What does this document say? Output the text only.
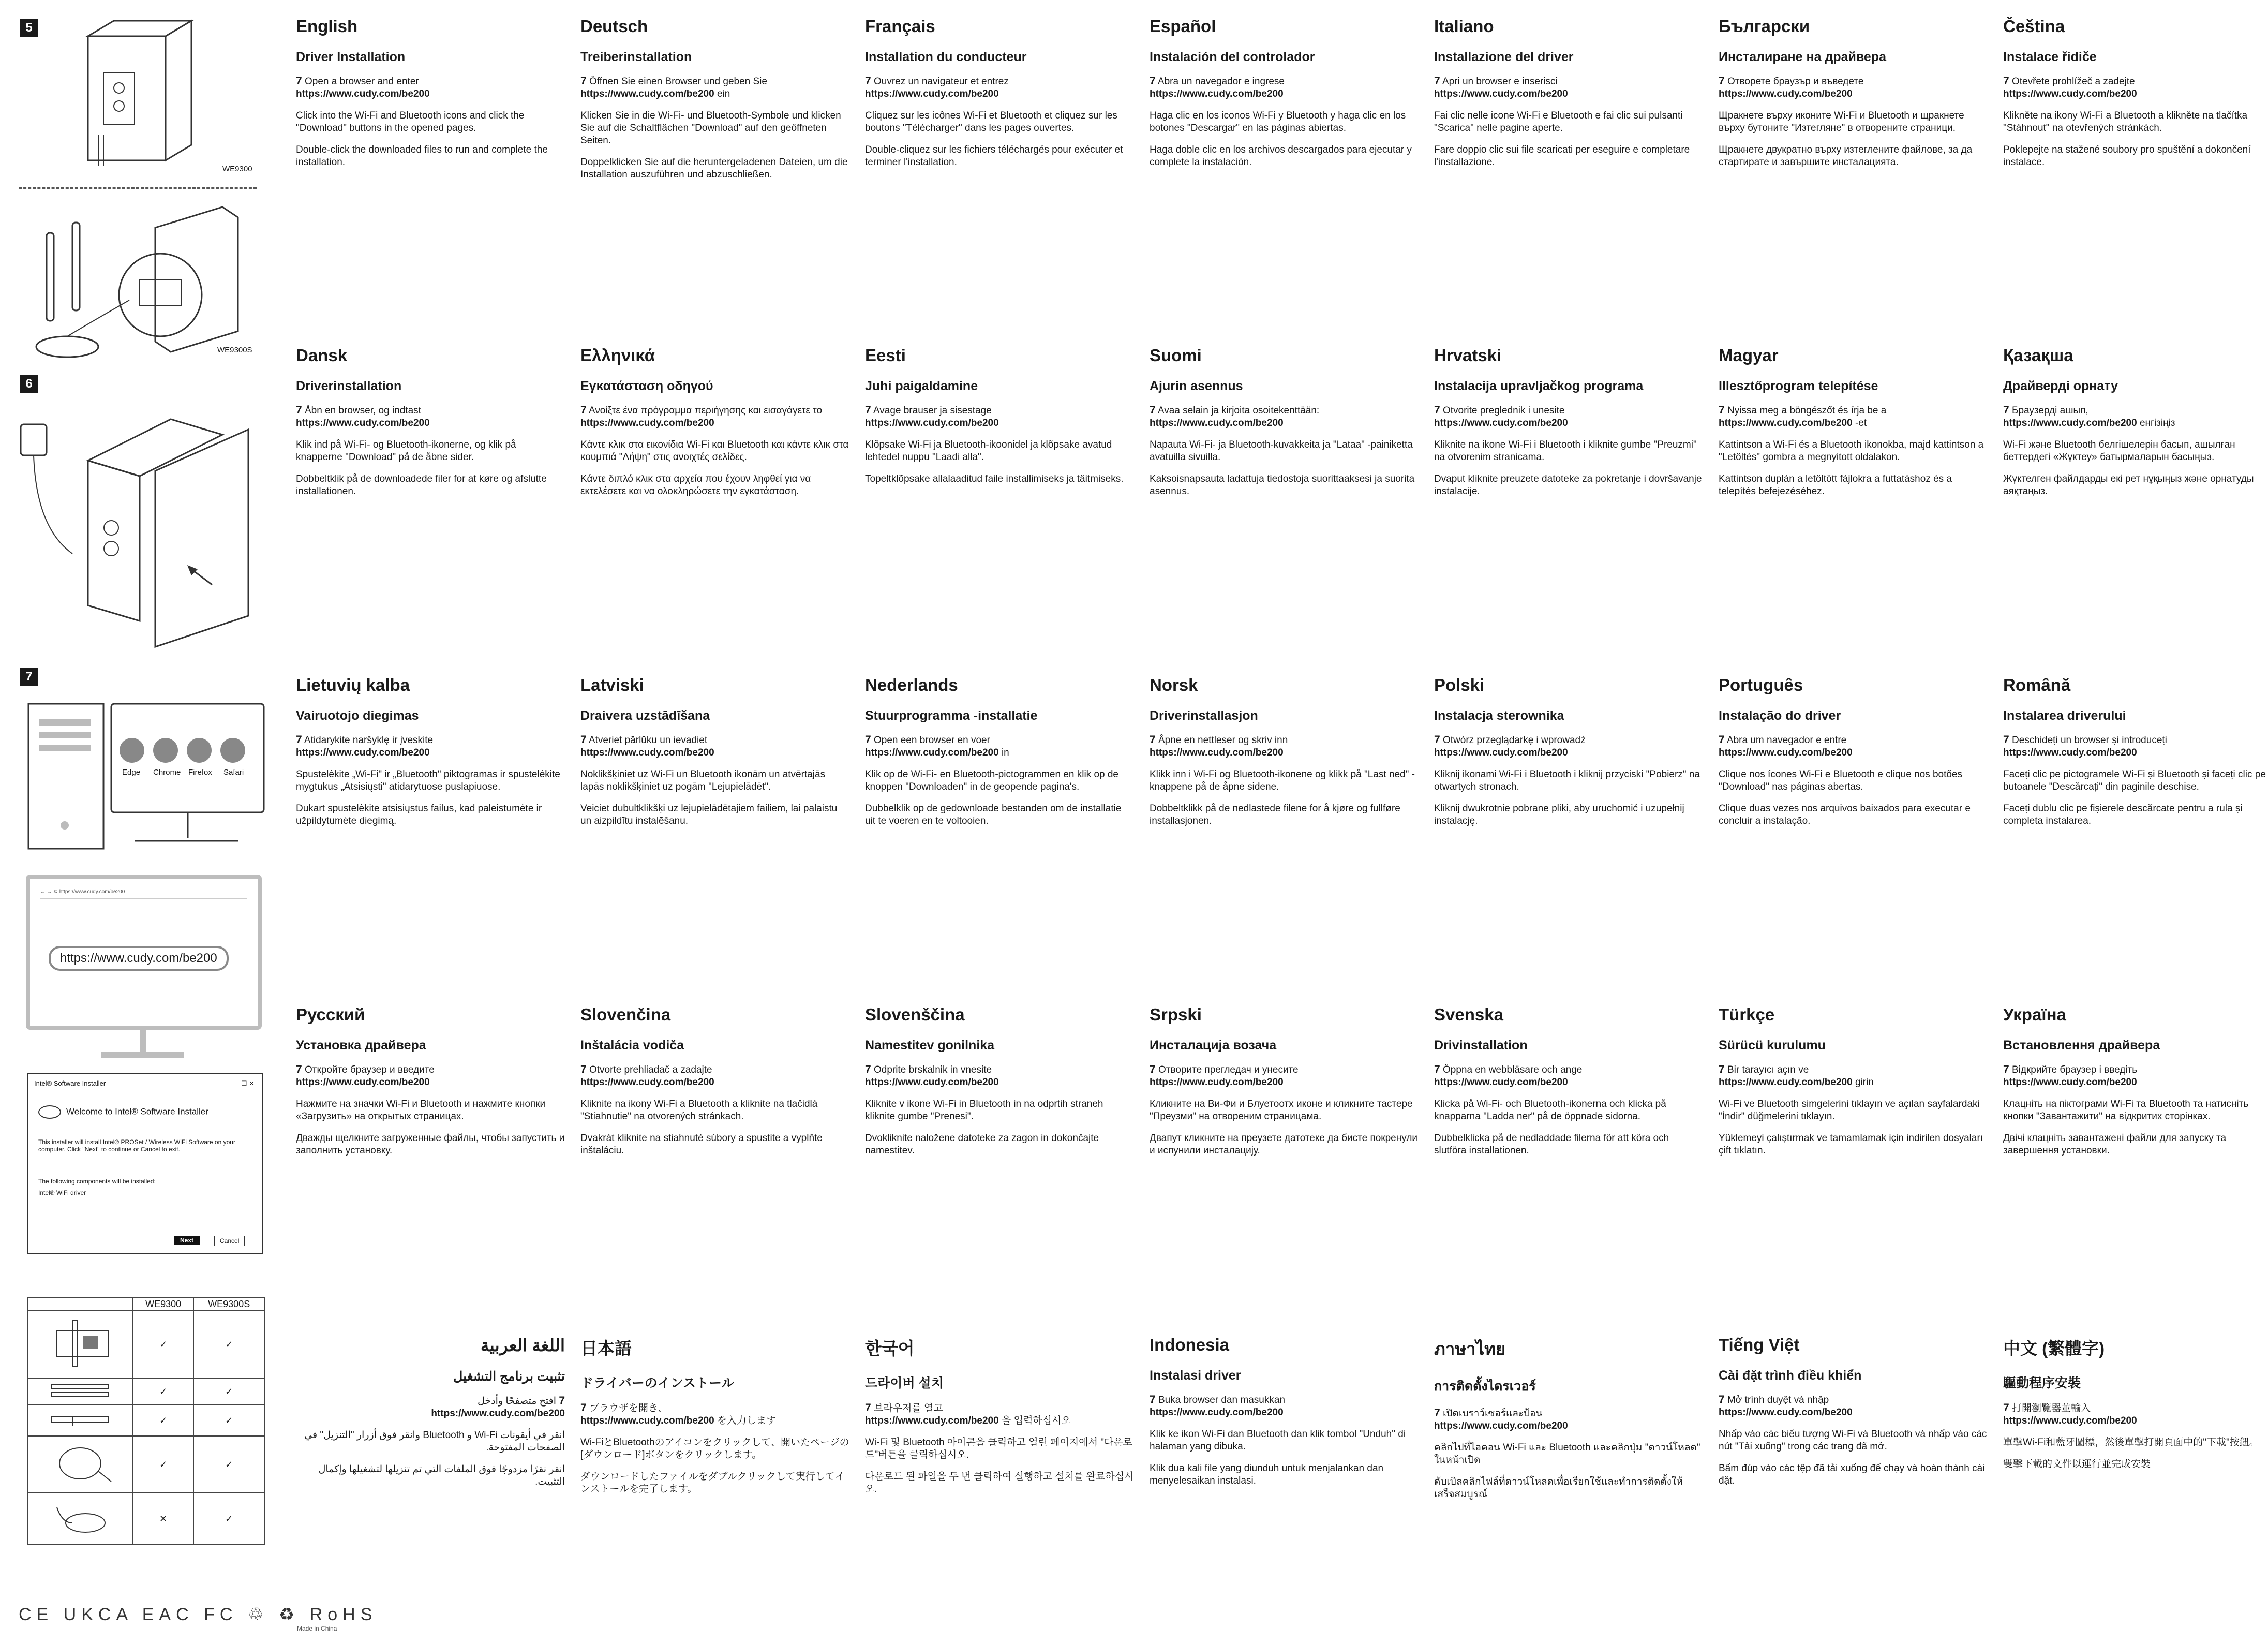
5
WE9300
WE9300S
6
7
Edge Chrome Firefox Safari
← → ↻ https://www.cudy.com/be200
https://www.cudy.com/be200
Intel® Software Installer	– ☐ ✕
Welcome to Intel® Software Installer
This installer will install Intel® PROSet / Wireless WiFi Software on your computer. Click "Next" to continue or Cancel to exit.
The following components will be installed:
Intel® WiFi driver
Next	Cancel
	WE9300	WE9300S
	✓	✓
	✓	✓
	✓	✓
	✓	✓
	✕	✓
CE UKCA EAC FC ♲ ♻ RoHS
Made in China
English
Driver Installation
7 Open a browser and enter
https://www.cudy.com/be200
Click into the Wi-Fi and Bluetooth icons and click the "Download" buttons in the opened pages.
Double-click the downloaded files to run and complete the installation.
Deutsch
Treiberinstallation
7 Öffnen Sie einen Browser und geben Sie
https://www.cudy.com/be200 ein
Klicken Sie in die Wi-Fi- und Bluetooth-Symbole und klicken Sie auf die Schaltflächen "Download" auf den geöffneten Seiten.
Doppelklicken Sie auf die heruntergeladenen Dateien, um die Installation auszuführen und abzuschließen.
Français
Installation du conducteur
7 Ouvrez un navigateur et entrez
https://www.cudy.com/be200
Cliquez sur les icônes Wi-Fi et Bluetooth et cliquez sur les boutons "Télécharger" dans les pages ouvertes.
Double-cliquez sur les fichiers téléchargés pour exécuter et terminer l'installation.
Español
Instalación del controlador
7 Abra un navegador e ingrese
https://www.cudy.com/be200
Haga clic en los iconos Wi-Fi y Bluetooth y haga clic en los botones "Descargar" en las páginas abiertas.
Haga doble clic en los archivos descargados para ejecutar y complete la instalación.
Italiano
Installazione del driver
7 Apri un browser e inserisci
https://www.cudy.com/be200
Fai clic nelle icone Wi-Fi e Bluetooth e fai clic sui pulsanti "Scarica" nelle pagine aperte.
Fare doppio clic sui file scaricati per eseguire e completare l'installazione.
Български
Инсталиране на драйвера
7 Отворете браузър и въведете
https://www.cudy.com/be200
Щракнете върху иконите Wi-Fi и Bluetooth и щракнете върху бутоните "Изтегляне" в отворените страници.
Щракнете двукратно върху изтеглените файлове, за да стартирате и завършите инсталацията.
Čeština
Instalace řidiče
7 Otevřete prohlížeč a zadejte
https://www.cudy.com/be200
Klikněte na ikony Wi-Fi a Bluetooth a klikněte na tlačítka "Stáhnout" na otevřených stránkách.
Poklepejte na stažené soubory pro spuštění a dokončení instalace.
Dansk
Driverinstallation
7 Åbn en browser, og indtast
https://www.cudy.com/be200
Klik ind på Wi-Fi- og Bluetooth-ikonerne, og klik på knapperne "Download" på de åbne sider.
Dobbeltklik på de downloadede filer for at køre og afslutte installationen.
Ελληνικά
Εγκατάσταση οδηγού
7 Ανοίξτε ένα πρόγραμμα περιήγησης και εισαγάγετε το
https://www.cudy.com/be200
Κάντε κλικ στα εικονίδια Wi-Fi και Bluetooth και κάντε κλικ στα κουμπιά "Λήψη" στις ανοιχτές σελίδες.
Κάντε διπλό κλικ στα αρχεία που έχουν ληφθεί για να εκτελέσετε και να ολοκληρώσετε την εγκατάσταση.
Eesti
Juhi paigaldamine
7 Avage brauser ja sisestage
https://www.cudy.com/be200
Klõpsake Wi-Fi ja Bluetooth-ikoonidel ja klõpsake avatud lehtedel nuppu "Laadi alla".
Topeltklõpsake allalaaditud faile installimiseks ja täitmiseks.
Suomi
Ajurin asennus
7 Avaa selain ja kirjoita osoitekenttään:
https://www.cudy.com/be200
Napauta Wi-Fi- ja Bluetooth-kuvakkeita ja "Lataa" -painiketta avatuilla sivuilla.
Kaksoisnapsauta ladattuja tiedostoja suorittaaksesi ja suorita asennus.
Hrvatski
Instalacija upravljačkog programa
7 Otvorite preglednik i unesite
https://www.cudy.com/be200
Kliknite na ikone Wi-Fi i Bluetooth i kliknite gumbe "Preuzmi" na otvorenim stranicama.
Dvaput kliknite preuzete datoteke za pokretanje i dovršavanje instalacije.
Magyar
Illesztőprogram telepítése
7 Nyissa meg a böngészőt és írja be a
https://www.cudy.com/be200 -et
Kattintson a Wi-Fi és a Bluetooth ikonokba, majd kattintson a "Letöltés" gombra a megnyitott oldalakon.
Kattintson duplán a letöltött fájlokra a futtatáshoz és a telepítés befejezéséhez.
Қазақша
Драйверді орнату
7 Браузерді ашып,
https://www.cudy.com/be200 енгізіңіз
Wi-Fi және Bluetooth белгішелерін басып, ашылған беттердегі «Жүктеу» батырмаларын басыңыз.
Жүктелген файлдарды екі рет нұқыңыз және орнатуды аяқтаңыз.
Lietuvių kalba
Vairuotojo diegimas
7 Atidarykite naršyklę ir įveskite
https://www.cudy.com/be200
Spustelėkite „Wi-Fi" ir „Bluetooth" piktogramas ir spustelėkite mygtukus „Atsisiųsti" atidarytuose puslapiuose.
Dukart spustelėkite atsisiųstus failus, kad paleistumėte ir užpildytumėte diegimą.
Latviski
Draivera uzstādīšana
7 Atveriet pārlūku un ievadiet
https://www.cudy.com/be200
Noklikšķiniet uz Wi-Fi un Bluetooth ikonām un atvērtajās lapās noklikšķiniet uz pogām "Lejupielādēt".
Veiciet dubultklikšķi uz lejupielādētajiem failiem, lai palaistu un aizpildītu instalēšanu.
Nederlands
Stuurprogramma -installatie
7 Open een browser en voer
https://www.cudy.com/be200 in
Klik op de Wi-Fi- en Bluetooth-pictogrammen en klik op de knoppen "Downloaden" in de geopende pagina's.
Dubbelklik op de gedownloade bestanden om de installatie uit te voeren en te voltooien.
Norsk
Driverinstallasjon
7 Åpne en nettleser og skriv inn
https://www.cudy.com/be200
Klikk inn i Wi-Fi og Bluetooth-ikonene og klikk på "Last ned" -knappene på de åpne sidene.
Dobbeltklikk på de nedlastede filene for å kjøre og fullføre installasjonen.
Polski
Instalacja sterownika
7 Otwórz przeglądarkę i wprowadź
https://www.cudy.com/be200
Kliknij ikonami Wi-Fi i Bluetooth i kliknij przyciski "Pobierz" na otwartych stronach.
Kliknij dwukrotnie pobrane pliki, aby uruchomić i uzupełnij instalację.
Português
Instalação do driver
7 Abra um navegador e entre
https://www.cudy.com/be200
Clique nos ícones Wi-Fi e Bluetooth e clique nos botões "Download" nas páginas abertas.
Clique duas vezes nos arquivos baixados para executar e concluir a instalação.
Română
Instalarea driverului
7 Deschideți un browser și introduceți
https://www.cudy.com/be200
Faceți clic pe pictogramele Wi-Fi și Bluetooth și faceți clic pe butoanele "Descărcați" din paginile deschise.
Faceți dublu clic pe fișierele descărcate pentru a rula și completa instalarea.
Русский
Установка драйвера
7 Откройте браузер и введите
https://www.cudy.com/be200
Нажмите на значки Wi-Fi и Bluetooth и нажмите кнопки «Загрузить» на открытых страницах.
Дважды щелкните загруженные файлы, чтобы запустить и заполнить установку.
Slovenčina
Inštalácia vodiča
7 Otvorte prehliadač a zadajte
https://www.cudy.com/be200
Kliknite na ikony Wi-Fi a Bluetooth a kliknite na tlačidlá "Stiahnutie" na otvorených stránkach.
Dvakrát kliknite na stiahnuté súbory a spustite a vyplňte inštaláciu.
Slovenščina
Namestitev gonilnika
7 Odprite brskalnik in vnesite
https://www.cudy.com/be200
Kliknite v ikone Wi-Fi in Bluetooth in na odprtih straneh kliknite gumbe "Prenesi".
Dvokliknite naložene datoteke za zagon in dokončajte namestitev.
Srpski
Инсталација возача
7 Отворите прегледач и унесите
https://www.cudy.com/be200
Кликните на Ви-Фи и Блуетоотх иконе и кликните тастере "Преузми" на отвореним страницама.
Двапут кликните на преузете датотеке да бисте покренули и испунили инсталацију.
Svenska
Drivinstallation
7 Öppna en webbläsare och ange
https://www.cudy.com/be200
Klicka på Wi-Fi- och Bluetooth-ikonerna och klicka på knapparna "Ladda ner" på de öppnade sidorna.
Dubbelklicka på de nedladdade filerna för att köra och slutföra installationen.
Türkçe
Sürücü kurulumu
7 Bir tarayıcı açın ve
https://www.cudy.com/be200 girin
Wi-Fi ve Bluetooth simgelerini tıklayın ve açılan sayfalardaki "İndir" düğmelerini tıklayın.
Yüklemeyi çalıştırmak ve tamamlamak için indirilen dosyaları çift tıklatın.
Україна
Встановлення драйвера
7 Відкрийте браузер і введіть
https://www.cudy.com/be200
Клацніть на піктограми Wi-Fi та Bluetooth та натисніть кнопки "Завантажити" на відкритих сторінках.
Двічі клацніть завантажені файли для запуску та завершення установки.
اللغة العربية
تثبيت برنامج التشغيل
7 افتح متصفحًا وأدخل
https://www.cudy.com/be200
انقر في أيقونات Wi-Fi و Bluetooth وانقر فوق أزرار "التنزيل" في الصفحات المفتوحة.
انقر نقرًا مزدوجًا فوق الملفات التي تم تنزيلها لتشغيلها وإكمال التثبيت.
日本語
ドライバーのインストール
7 ブラウザを開き、
https://www.cudy.com/be200 を入力します
Wi-FiとBluetoothのアイコンをクリックして、開いたページの[ダウンロード]ボタンをクリックします。
ダウンロードしたファイルをダブルクリックして実行してインストールを完了します。
한국어
드라이버 설치
7 브라우저를 열고
https://www.cudy.com/be200 을 입력하십시오
Wi-Fi 및 Bluetooth 아이콘을 클릭하고 열린 페이지에서 "다운로드"버튼을 클릭하십시오.
다운로드 된 파일을 두 번 클릭하여 실행하고 설치를 완료하십시오.
Indonesia
Instalasi driver
7 Buka browser dan masukkan
https://www.cudy.com/be200
Klik ke ikon Wi-Fi dan Bluetooth dan klik tombol "Unduh" di halaman yang dibuka.
Klik dua kali file yang diunduh untuk menjalankan dan menyelesaikan instalasi.
ภาษาไทย
การติดตั้งไดรเวอร์
7 เปิดเบราว์เซอร์และป้อน
https://www.cudy.com/be200
คลิกไปที่ไอคอน Wi-Fi และ Bluetooth และคลิกปุ่ม "ดาวน์โหลด" ในหน้าเปิด
ดับเบิลคลิกไฟล์ที่ดาวน์โหลดเพื่อเรียกใช้และทำการติดตั้งให้เสร็จสมบูรณ์
Tiếng Việt
Cài đặt trình điều khiển
7 Mở trình duyệt và nhập
https://www.cudy.com/be200
Nhấp vào các biểu tượng Wi-Fi và Bluetooth và nhấp vào các nút "Tải xuống" trong các trang đã mở.
Bấm đúp vào các tệp đã tải xuống để chạy và hoàn thành cài đặt.
中文 (繁體字)
驅動程序安裝
7 打開瀏覽器並輸入
https://www.cudy.com/be200
單擊Wi-Fi和藍牙圖標，然後單擊打開頁面中的"下載"按鈕。
雙擊下載的文件以運行並完成安裝
